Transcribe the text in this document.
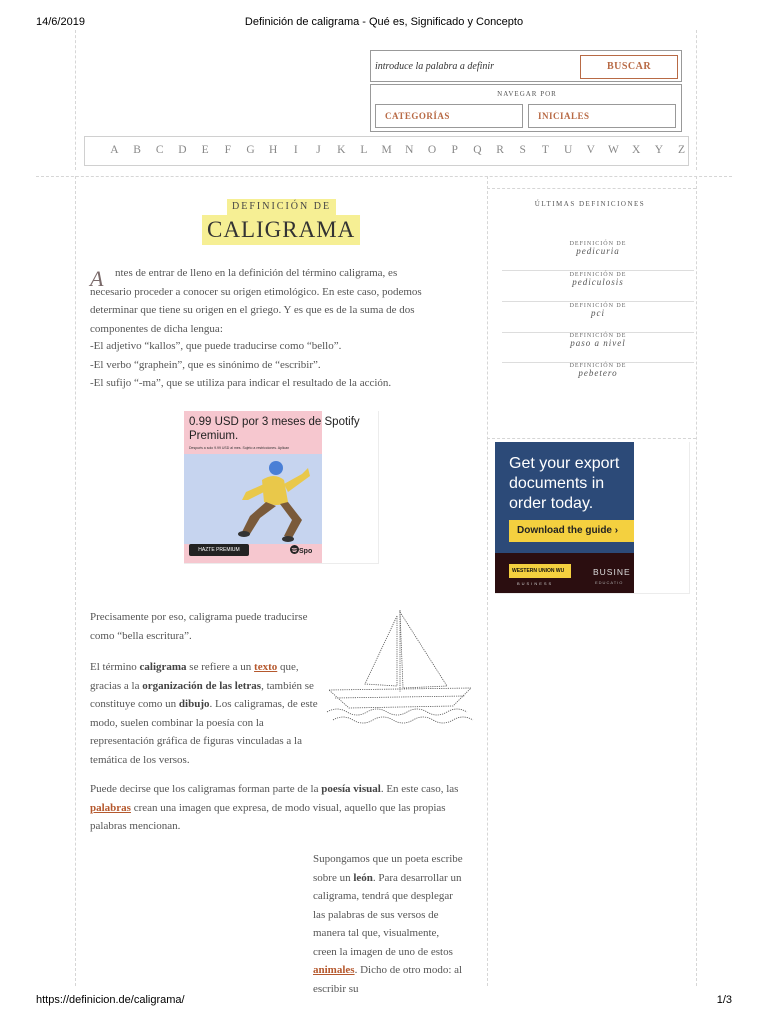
14/6/2019	Definición de caligrama - Qué es, Significado y Concepto
https://definicion.de/caligrama/	1/3
introduce la palabra a definir
BUSCAR
NAVEGAR POR
CATEGORÍAS	INICIALES
A	B	C	D	E	F	G	H	I	J	K	L	M	N	O	P	Q	R	S	T	U	V	W	X	Y	Z
DEFINICIÓN DE
CALIGRAMA
A	ntes de entrar de lleno en la definición del término caligrama, es necesario proceder a conocer su origen etimológico. En este caso, podemos determinar que tiene su origen en el griego. Y es que es de la suma de dos componentes de dicha lengua:
-El adjetivo “kallos”, que puede traducirse como “bello”.
-El verbo “graphein”, que es sinónimo de “escribir”.
-El sufijo “-ma”, que se utiliza para indicar el resultado de la acción.
0.99 USD por 3 meses de Spotify Premium.
Después a solo 9.99 USD al mes. Sujeto a restricciones. Aplican
HAZTE PREMIUM	Spo
Precisamente por eso, caligrama puede traducirse como “bella escritura”.
El término caligrama se refiere a un texto que, gracias a la organización de las letras, también se constituye como un dibujo. Los caligramas, de este modo, suelen combinar la poesía con la representación gráfica de figuras vinculadas a la temática de los versos.
Puede decirse que los caligramas forman parte de la poesía visual. En este caso, las palabras crean una imagen que expresa, de modo visual, aquello que las propias palabras mencionan.
Supongamos que un poeta escribe sobre un león. Para desarrollar un caligrama, tendrá que desplegar las palabras de sus versos de manera tal que, visualmente, creen la imagen de uno de estos animales. Dicho de otro modo: al escribir su
ÚLTIMAS DEFINICIONES
DEFINICIÓN DE
pedicuria
DEFINICIÓN DE
pediculosis
DEFINICIÓN DE
pci
DEFINICIÓN DE
paso a nivel
DEFINICIÓN DE
pebetero
Get your export
documents in
order today.
Download the guide ›
WESTERN UNION WU
BUSINESS
BUSINE
EDUCATIO
